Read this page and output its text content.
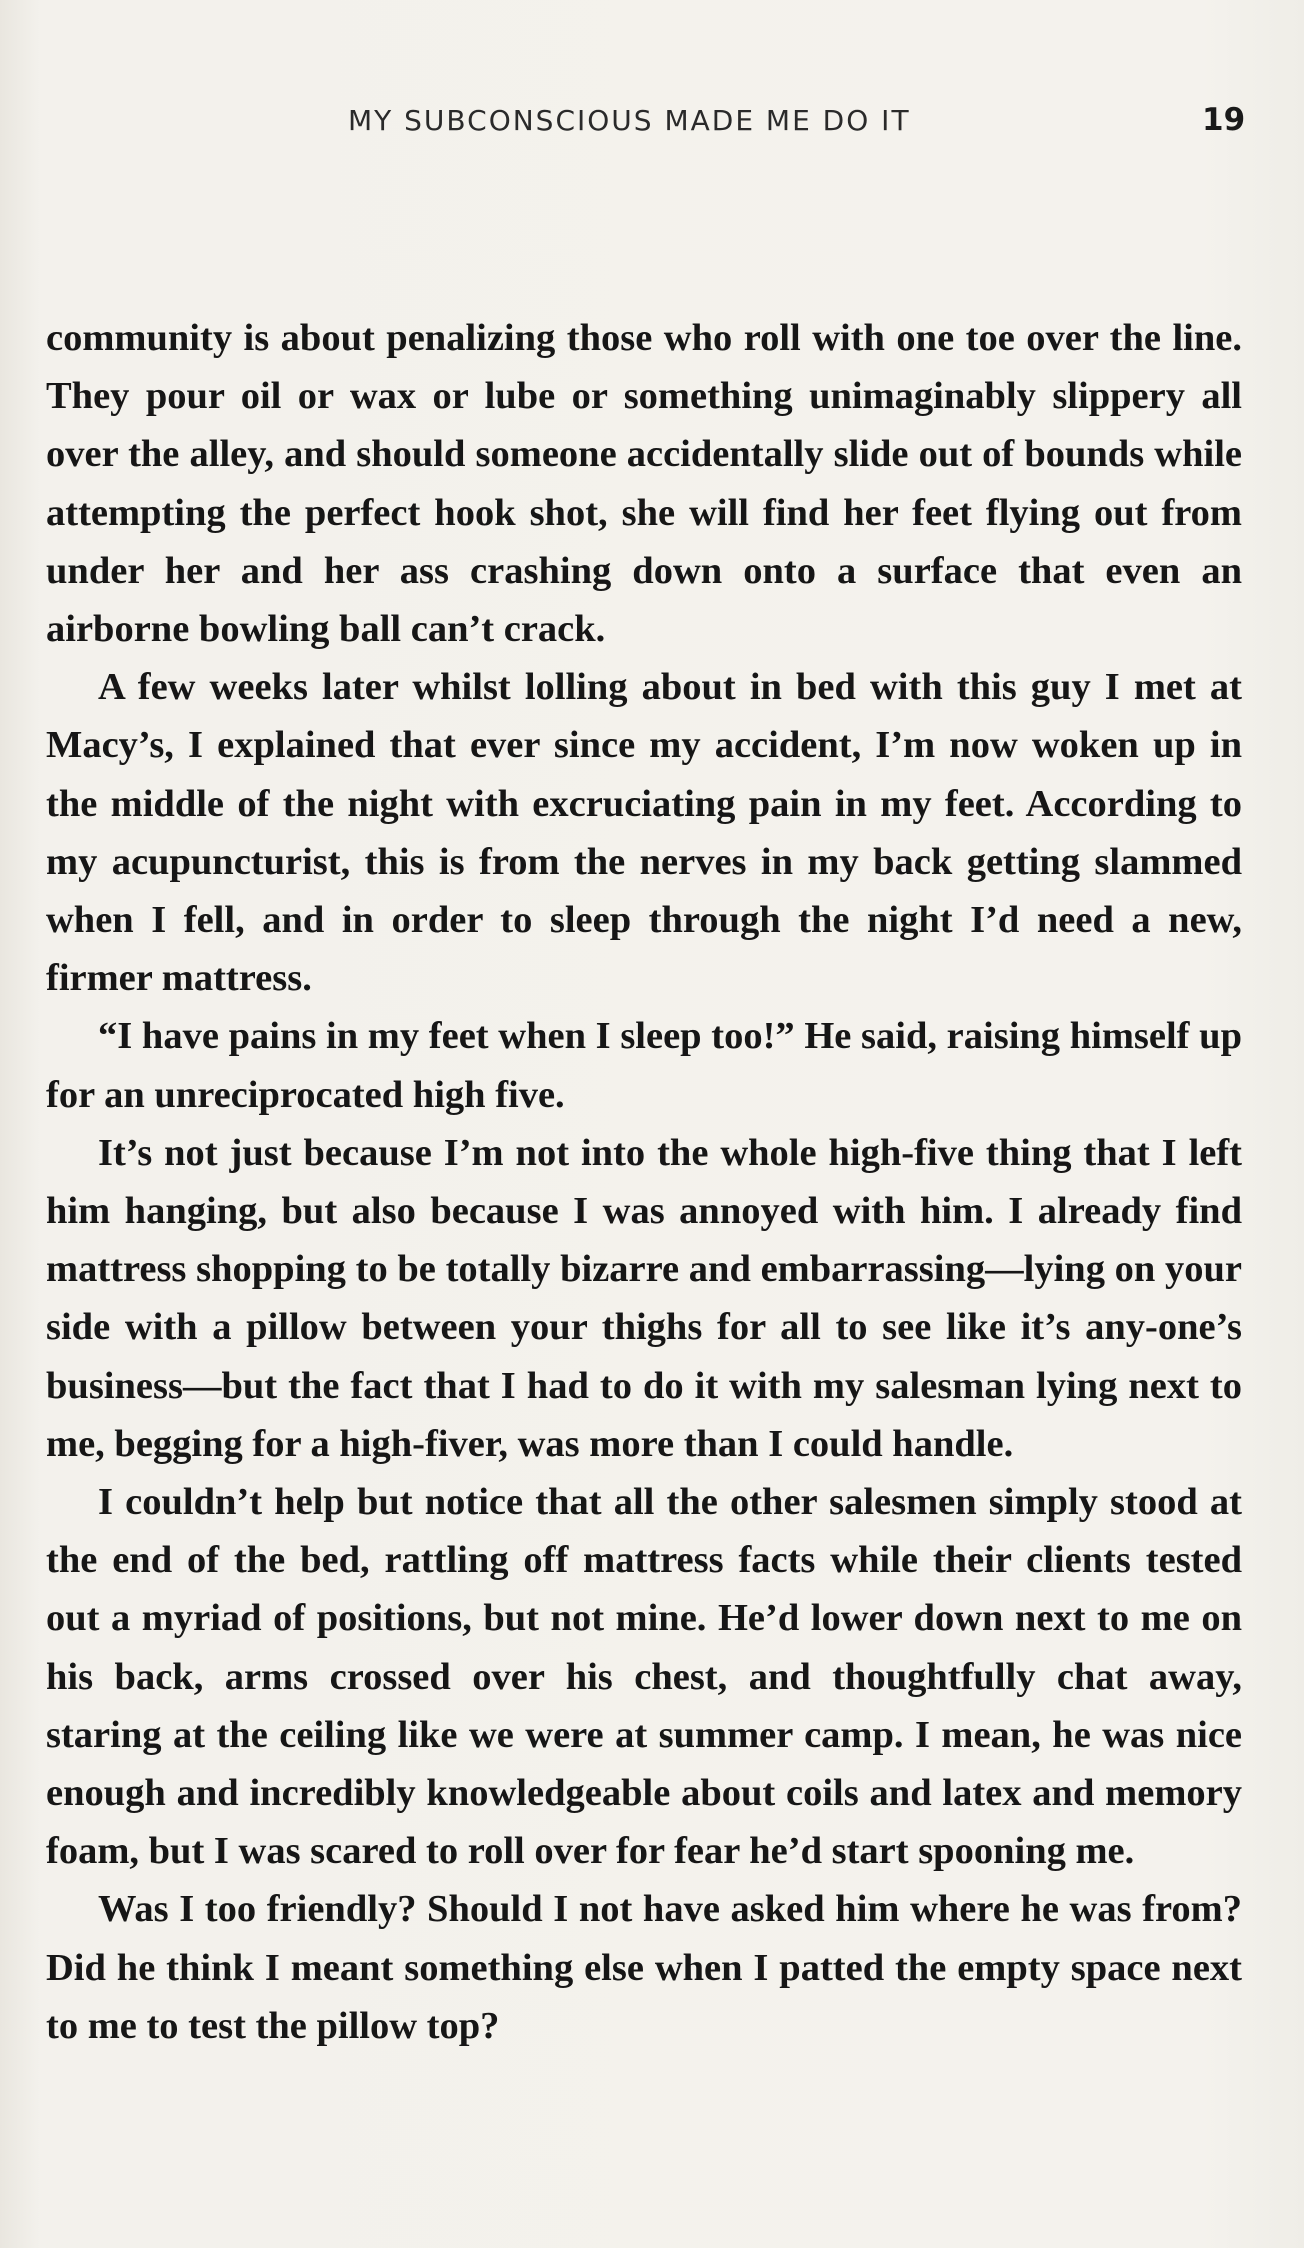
MY SUBCONSCIOUS MADE ME DO IT	19

community is about penalizing those who roll with one toe over the line. They pour oil or wax or lube or something unimaginably slippery all over the alley, and should someone accidentally slide out of bounds while attempting the perfect hook shot, she will find her feet flying out from under her and her ass crashing down onto a surface that even an airborne bowling ball can’t crack.

A few weeks later whilst lolling about in bed with this guy I met at Macy’s, I explained that ever since my accident, I’m now woken up in the middle of the night with excruciating pain in my feet. According to my acupuncturist, this is from the nerves in my back getting slammed when I fell, and in order to sleep through the night I’d need a new, firmer mattress.

“I have pains in my feet when I sleep too!” He said, raising himself up for an unreciprocated high five.

It’s not just because I’m not into the whole high-five thing that I left him hanging, but also because I was annoyed with him. I already find mattress shopping to be totally bizarre and embarrassing—lying on your side with a pillow between your thighs for all to see like it’s any-one’s business—but the fact that I had to do it with my salesman lying next to me, begging for a high-fiver, was more than I could handle.

I couldn’t help but notice that all the other salesmen simply stood at the end of the bed, rattling off mattress facts while their clients tested out a myriad of positions, but not mine. He’d lower down next to me on his back, arms crossed over his chest, and thoughtfully chat away, staring at the ceiling like we were at summer camp. I mean, he was nice enough and incredibly knowledgeable about coils and latex and memory foam, but I was scared to roll over for fear he’d start spooning me.

Was I too friendly? Should I not have asked him where he was from? Did he think I meant something else when I patted the empty space next to me to test the pillow top?
